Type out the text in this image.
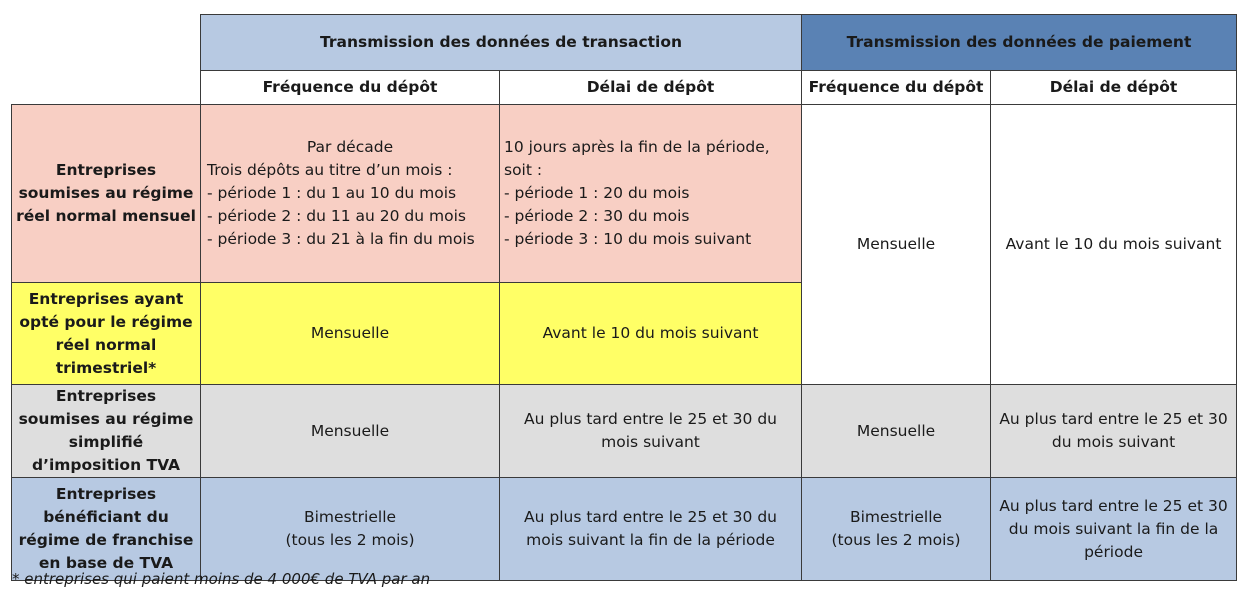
	Transmission des données de transaction		Transmission des données de paiement	
	Fréquence du dépôt	Délai de dépôt	Fréquence du dépôt	Délai de dépôt
Entreprises soumises au régime réel normal mensuel	Par décade
Trois dépôts au titre d’un mois :
- période 1 : du 1 au 10 du mois
- période 2 : du 11 au 20 du mois
- période 3 : du 21 à la fin du mois	10 jours après la fin de la période,
soit :
- période 1 : 20 du mois
- période 2 : 30 du mois
- période 3 : 10 du mois suivant	Mensuelle	Avant le 10 du mois suivant
Entreprises ayant opté pour le régime réel normal trimestriel*	Mensuelle	Avant le 10 du mois suivant		
Entreprises soumises au régime simplifié d’imposition TVA	Mensuelle	Au plus tard entre le 25 et 30 du mois suivant	Mensuelle	Au plus tard entre le 25 et 30 du mois suivant
Entreprises bénéficiant du régime de franchise en base de TVA	Bimestrielle
(tous les 2 mois)	Au plus tard entre le 25 et 30 du mois suivant la fin de la période	Bimestrielle
(tous les 2 mois)	Au plus tard entre le 25 et 30 du mois suivant la fin de la période
* entreprises qui paient moins de 4 000€ de TVA par an
